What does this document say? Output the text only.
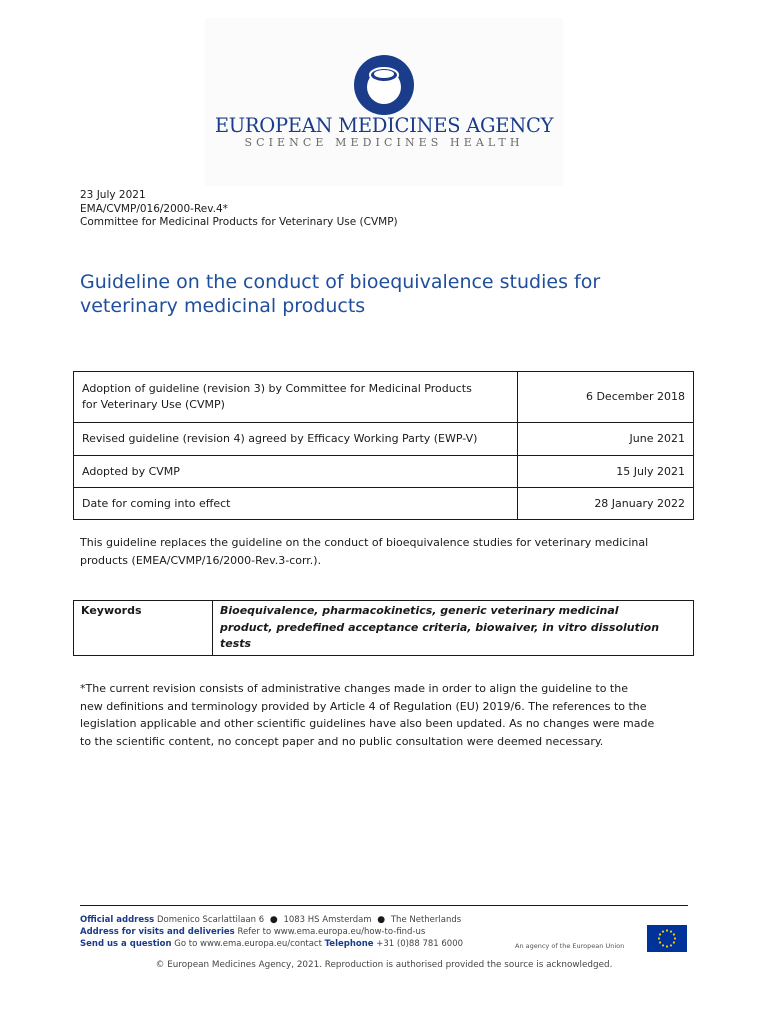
EUROPEAN MEDICINES AGENCY
SCIENCE MEDICINES HEALTH
23 July 2021
EMA/CVMP/016/2000-Rev.4*
Committee for Medicinal Products for Veterinary Use (CVMP)
Guideline on the conduct of bioequivalence studies for
veterinary medicinal products
Adoption of guideline (revision 3) by Committee for Medicinal Products
for Veterinary Use (CVMP)	6 December 2018
Revised guideline (revision 4) agreed by Efficacy Working Party (EWP-V)	June 2021
Adopted by CVMP	15 July 2021
Date for coming into effect	28 January 2022
This guideline replaces the guideline on the conduct of bioequivalence studies for veterinary medicinal
products (EMEA/CVMP/16/2000-Rev.3-corr.).
Keywords	Bioequivalence, pharmacokinetics, generic veterinary medicinal
product, predefined acceptance criteria, biowaiver, in vitro dissolution
tests
*The current revision consists of administrative changes made in order to align the guideline to the
new definitions and terminology provided by Article 4 of Regulation (EU) 2019/6. The references to the
legislation applicable and other scientific guidelines have also been updated. As no changes were made
to the scientific content, no concept paper and no public consultation were deemed necessary.
Official address Domenico Scarlattilaan 6 ● 1083 HS Amsterdam ● The Netherlands
Address for visits and deliveries Refer to www.ema.europa.eu/how-to-find-us
Send us a question Go to www.ema.europa.eu/contact Telephone +31 (0)88 781 6000	An agency of the European Union
© European Medicines Agency, 2021. Reproduction is authorised provided the source is acknowledged.
